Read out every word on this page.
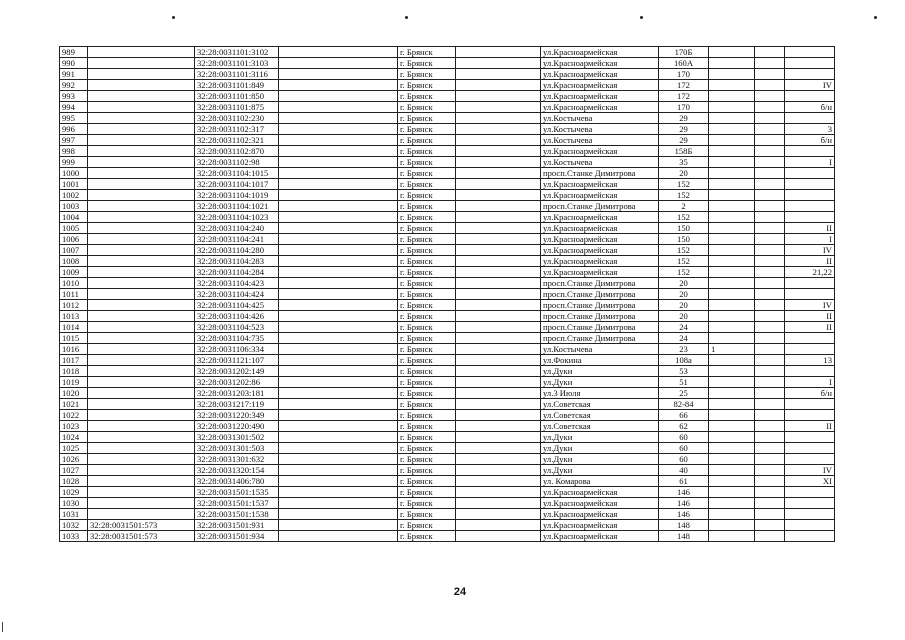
989		32:28:0031101:3102		г. Брянск		ул.Красноармейская	170Б			
990		32:28:0031101:3103		г. Брянск		ул.Красноармейская	160А			
991		32:28:0031101:3116		г. Брянск		ул.Красноармейская	170			
992		32:28:0031101:849		г. Брянск		ул.Красноармейская	172			IV
993		32:28:0031101:850		г. Брянск		ул.Красноармейская	172			
994		32:28:0031101:875		г. Брянск		ул.Красноармейская	170			б/н
995		32:28:0031102:230		г. Брянск		ул.Костычева	29			
996		32:28:0031102:317		г. Брянск		ул.Костычева	29			3
997		32:28:0031102:321		г. Брянск		ул.Костычева	29			б/н
998		32:28:0031102:870		г. Брянск		ул.Красноармейская	158Б			
999		32:28:0031102:98		г. Брянск		ул.Костычева	35			I
1000		32:28:0031104:1015		г. Брянск		просп.Станке Димитрова	20			
1001		32:28:0031104:1017		г. Брянск		ул.Красноармейская	152			
1002		32:28:0031104:1019		г. Брянск		ул.Красноармейская	152			
1003		32:28:0031104:1021		г. Брянск		просп.Станке Димитрова	2			
1004		32:28:0031104:1023		г. Брянск		ул.Красноармейская	152			
1005		32:28:0031104:240		г. Брянск		ул.Красноармейская	150			II
1006		32:28:0031104:241		г. Брянск		ул.Красноармейская	150			I
1007		32:28:0031104:280		г. Брянск		ул.Красноармейская	152			IV
1008		32:28:0031104:283		г. Брянск		ул.Красноармейская	152			II
1009		32:28:0031104:284		г. Брянск		ул.Красноармейская	152			21,22
1010		32:28:0031104:423		г. Брянск		просп.Станке Димитрова	20			
1011		32:28:0031104:424		г. Брянск		просп.Станке Димитрова	20			
1012		32:28:0031104:425		г. Брянск		просп.Станке Димитрова	20			IV
1013		32:28:0031104:426		г. Брянск		просп.Станке Димитрова	20			II
1014		32:28:0031104:523		г. Брянск		просп.Станке Димитрова	24			II
1015		32:28:0031104:735		г. Брянск		просп.Станке Димитрова	24			
1016		32:28:0031106:334		г. Брянск		ул.Костычева	23	1		
1017		32:28:0031121:107		г. Брянск		ул.Фокина	108а			13
1018		32:28:0031202:149		г. Брянск		ул.Дуки	53			
1019		32:28:0031202:86		г. Брянск		ул.Дуки	51			I
1020		32:28:0031203:181		г. Брянск		ул.3 Июля	25			б/н
1021		32:28:0031217:119		г. Брянск		ул.Советская	82-84			
1022		32:28:0031220:349		г. Брянск		ул.Советская	66			
1023		32:28:0031220:490		г. Брянск		ул.Советская	62			II
1024		32:28:0031301:502		г. Брянск		ул.Дуки	60			
1025		32:28:0031301:503		г. Брянск		ул.Дуки	60			
1026		32:28:0031301:632		г. Брянск		ул.Дуки	60			
1027		32:28:0031320:154		г. Брянск		ул.Дуки	40			IV
1028		32:28:0031406:780		г. Брянск		ул. Комарова	61			XI
1029		32:28:0031501:1535		г. Брянск		ул.Красноармейская	146			
1030		32:28:0031501:1537		г. Брянск		ул.Красноармейская	146			
1031		32:28:0031501:1538		г. Брянск		ул.Красноармейская	146			
1032	32:28:0031501:573	32:28:0031501:931		г. Брянск		ул.Красноармейская	148			
1033	32:28:0031501:573	32:28:0031501:934		г. Брянск		ул.Красноармейская	148			
24
